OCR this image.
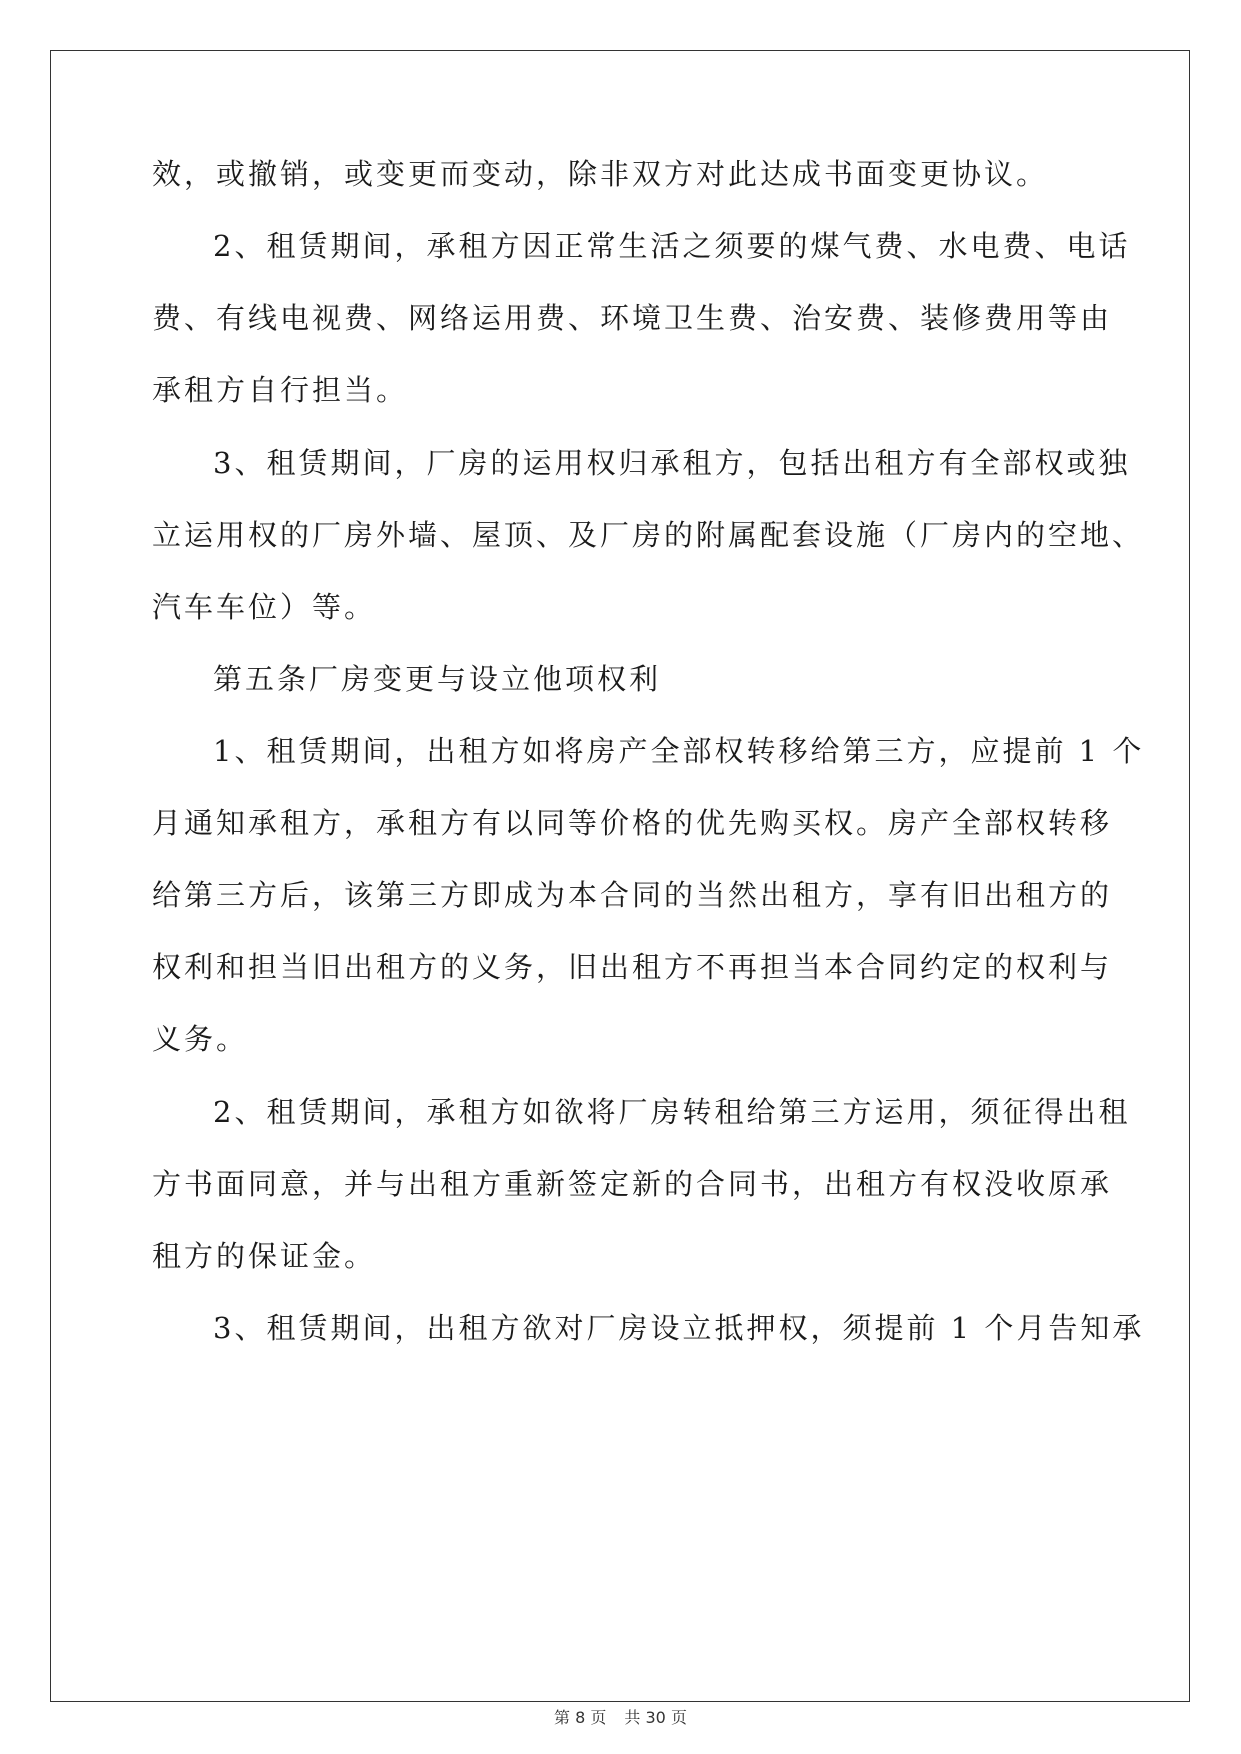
效，或撤销，或变更而变动，除非双方对此达成书面变更协议。
2、租赁期间，承租方因正常生活之须要的煤气费、水电费、电话
费、有线电视费、网络运用费、环境卫生费、治安费、装修费用等由
承租方自行担当。
3、租赁期间，厂房的运用权归承租方，包括出租方有全部权或独
立运用权的厂房外墙、屋顶、及厂房的附属配套设施（厂房内的空地、
汽车车位）等。
第五条厂房变更与设立他项权利
1、租赁期间，出租方如将房产全部权转移给第三方，应提前 1 个
月通知承租方，承租方有以同等价格的优先购买权。房产全部权转移
给第三方后，该第三方即成为本合同的当然出租方，享有旧出租方的
权利和担当旧出租方的义务，旧出租方不再担当本合同约定的权利与
义务。
2、租赁期间，承租方如欲将厂房转租给第三方运用，须征得出租
方书面同意，并与出租方重新签定新的合同书，出租方有权没收原承
租方的保证金。
3、租赁期间，出租方欲对厂房设立抵押权，须提前 1 个月告知承
第 8 页 共 30 页
